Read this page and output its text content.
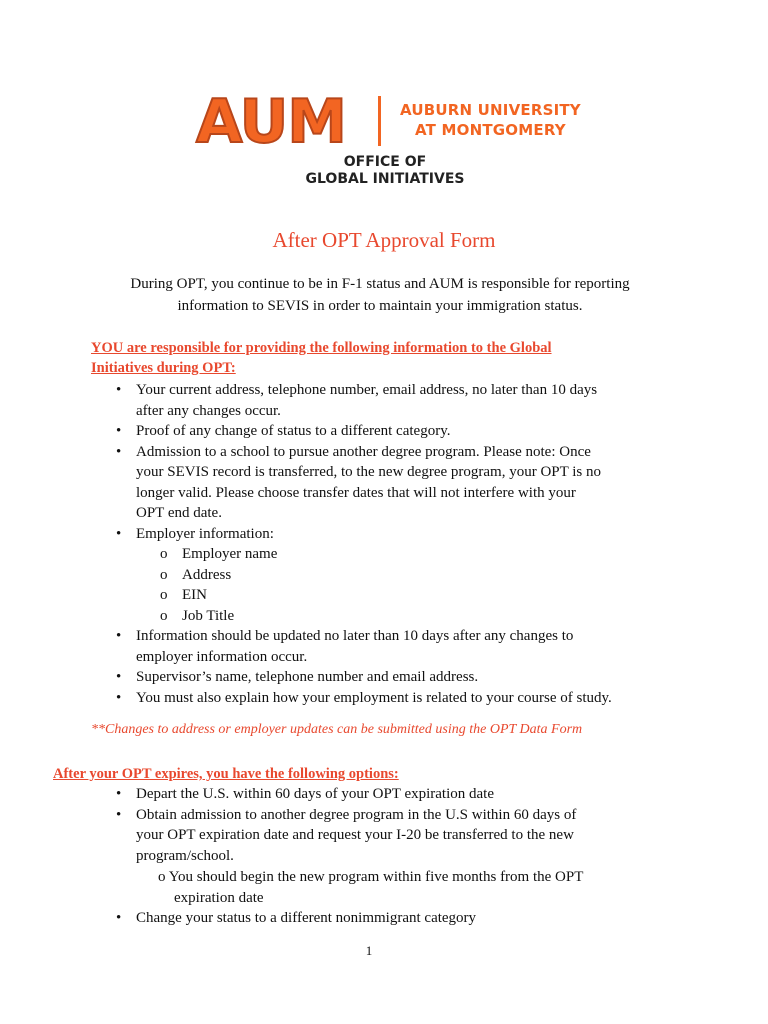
AUM	AUBURN UNIVERSITY
AT MONTGOMERY
OFFICE OF
GLOBAL INITIATIVES
After OPT Approval Form
During OPT, you continue to be in F-1 status and AUM is responsible for reporting
information to SEVIS in order to maintain your immigration status.
YOU are responsible for providing the following information to the Global
Initiatives during OPT:
• Your current address, telephone number, email address, no later than 10 days
after any changes occur.
• Proof of any change of status to a different category.
• Admission to a school to pursue another degree program. Please note: Once
your SEVIS record is transferred, to the new degree program, your OPT is no
longer valid. Please choose transfer dates that will not interfere with your
OPT end date.
• Employer information:
o Employer name
o Address
o EIN
o Job Title
• Information should be updated no later than 10 days after any changes to
employer information occur.
• Supervisor’s name, telephone number and email address.
• You must also explain how your employment is related to your course of study.
**Changes to address or employer updates can be submitted using the OPT Data Form
After your OPT expires, you have the following options:
• Depart the U.S. within 60 days of your OPT expiration date
• Obtain admission to another degree program in the U.S within 60 days of
your OPT expiration date and request your I-20 be transferred to the new
program/school.
o You should begin the new program within five months from the OPT
expiration date
• Change your status to a different nonimmigrant category
1
